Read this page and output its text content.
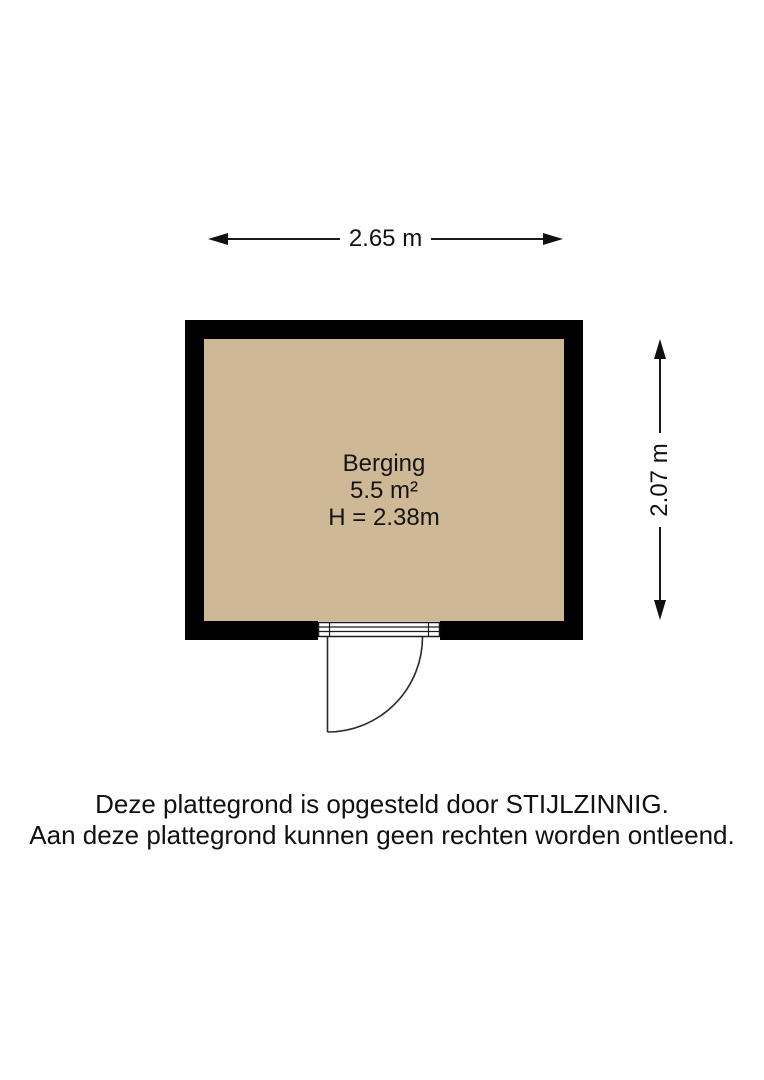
2.65 m
Berging
5.5 m²
H = 2.38m
2.07 m
Deze plattegrond is opgesteld door STIJLZINNIG.
Aan deze plattegrond kunnen geen rechten worden ontleend.
